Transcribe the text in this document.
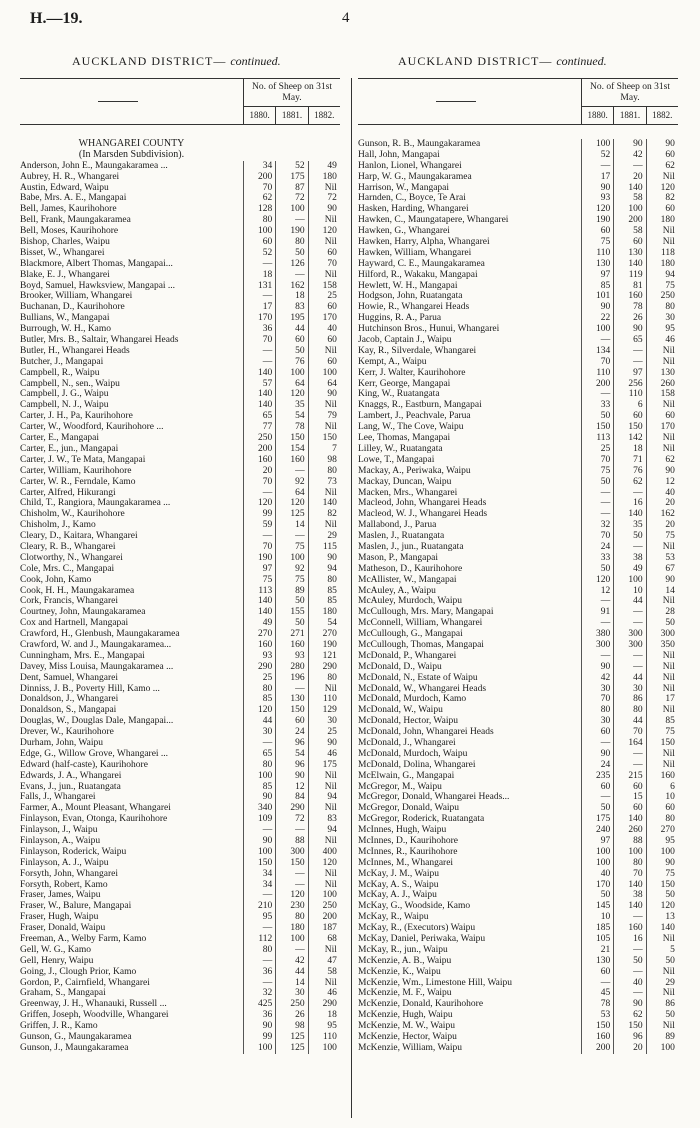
H.—19.	4
AUCKLAND DISTRICT— continued.	AUCKLAND DISTRICT— continued.
No. of Sheep on 31st May.
1880.	1881.	1882.
WHANGAREI COUNTY
(In Marsden Subdivision).
Anderson, John E., Maungakaramea ...	34	52	49
Aubrey, H. R., Whangarei	200	175	180
Austin, Edward, Waipu	70	87	Nil
Babe, Mrs. A. E., Mangapai	62	72	72
Bell, James, Kaurihohore	128	100	90
Bell, Frank, Maungakaramea	80	—	Nil
Bell, Moses, Kaurihohore	100	190	120
Bishop, Charles, Waipu	60	80	Nil
Bisset, W., Whangarei	52	50	60
Blackmore, Albert Thomas, Mangapai...	—	126	70
Blake, E. J., Whangarei	18	—	Nil
Boyd, Samuel, Hawksview, Mangapai ...	131	162	158
Brooker, William, Whangarei	—	18	25
Buchanan, D., Kaurihohore	17	83	60
Bullians, W., Mangapai	170	195	170
Burrough, W. H., Kamo	36	44	40
Butler, Mrs. B., Saltair, Whangarei Heads	70	60	60
Butler, H., Whangarei Heads	—	50	Nil
Butcher, J., Mangapai	—	76	60
Campbell, R., Waipu	140	100	100
Campbell, N., sen., Waipu	57	64	64
Campbell, J. G., Waipu	140	120	90
Campbell, N. J., Waipu	140	35	Nil
Carter, J. H., Pa, Kaurihohore	65	54	79
Carter, W., Woodford, Kaurihohore ...	77	78	Nil
Carter, E., Mangapai	250	150	150
Carter, E., jun., Mangapai	200	154	7
Carter, J. W., Te Mata, Mangapai	160	160	98
Carter, William, Kaurihohore	20	—	80
Carter, W. R., Ferndale, Kamo	70	92	73
Carter, Alfred, Hikurangi	—	64	Nil
Child, T., Rangiora, Maungakaramea ...	120	120	140
Chisholm, W., Kaurihohore	99	125	82
Chisholm, J., Kamo	59	14	Nil
Cleary, D., Kaitara, Whangarei	—	—	29
Cleary, R. B., Whangarei	70	75	115
Clotworthy, N., Whangarei	190	100	90
Cole, Mrs. C., Mangapai	97	92	94
Cook, John, Kamo	75	75	80
Cook, H. H., Maungakaramea	113	89	85
Cork, Francis, Whangarei	140	50	85
Courtney, John, Maungakaramea	140	155	180
Cox and Hartnell, Mangapai	49	50	54
Crawford, H., Glenbush, Maungakaramea	270	271	270
Crawford, W. and J., Maungakaramea...	160	160	190
Cunningham, Mrs. E., Mangapai	93	93	121
Davey, Miss Louisa, Maungakaramea ...	290	280	290
Dent, Samuel, Whangarei	25	196	80
Dinniss, J. B., Poverty Hill, Kamo ...	80	—	Nil
Donaldson, J., Whangarei	85	130	110
Donaldson, S., Mangapai	120	150	129
Douglas, W., Douglas Dale, Mangapai...	44	60	30
Drever, W., Kaurihohore	30	24	25
Durham, John, Waipu	—	96	90
Edge, G., Willow Grove, Whangarei ...	65	54	46
Edward (half-caste), Kaurihohore	80	96	175
Edwards, J. A., Whangarei	100	90	Nil
Evans, J., jun., Ruatangata	85	12	Nil
Falls, J., Whangarei	90	84	94
Farmer, A., Mount Pleasant, Whangarei	340	290	Nil
Finlayson, Evan, Otonga, Kaurihohore	109	72	83
Finlayson, J., Waipu	—	—	94
Finlayson, A., Waipu	90	88	Nil
Finlayson, Roderick, Waipu	100	300	400
Finlayson, A. J., Waipu	150	150	120
Forsyth, John, Whangarei	34	—	Nil
Forsyth, Robert, Kamo	34	—	Nil
Fraser, James, Waipu	—	120	100
Fraser, W., Balure, Mangapai	210	230	250
Fraser, Hugh, Waipu	95	80	200
Fraser, Donald, Waipu	—	180	187
Freeman, A., Welby Farm, Kamo	112	100	68
Gell, W. G., Kamo	80	—	Nil
Gell, Henry, Waipu	—	42	47
Going, J., Clough Prior, Kamo	36	44	58
Gordon, P., Cairnfield, Whangarei	—	14	Nil
Graham, S., Mangapai	32	30	46
Greenway, J. H., Whanauki, Russell ...	425	250	290
Griffen, Joseph, Woodville, Whangarei	36	26	18
Griffen, J. R., Kamo	90	98	95
Gunson, G., Maungakaramea	99	125	110
Gunson, J., Maungakaramea	100	125	100
No. of Sheep on 31st May.
1880.	1881.	1882.
Gunson, R. B., Maungakaramea	100	90	90
Hall, John, Mangapai	52	42	60
Hanlon, Lionel, Whangarei	—	—	62
Harp, W. G., Maungakaramea	17	20	Nil
Harrison, W., Mangapai	90	140	120
Harnden, C., Boyce, Te Arai	93	58	82
Hasken, Harding, Whangarei	120	100	60
Hawken, C., Maungatapere, Whangarei	190	200	180
Hawken, G., Whangarei	60	58	Nil
Hawken, Harry, Alpha, Whangarei	75	60	Nil
Hawken, William, Whangarei	110	130	118
Hayward, C. E., Maungakaramea	130	140	180
Hilford, R., Wakaku, Mangapai	97	119	94
Hewlett, W. H., Mangapai	85	81	75
Hodgson, John, Ruatangata	101	160	250
Howie, R., Whangarei Heads	90	78	80
Huggins, R. A., Parua	22	26	30
Hutchinson Bros., Hunui, Whangarei	100	90	95
Jacob, Captain J., Waipu	—	65	46
Kay, R., Silverdale, Whangarei	134	—	Nil
Kempt, A., Waipu	70	—	Nil
Kerr, J. Walter, Kaurihohore	110	97	130
Kerr, George, Mangapai	200	256	260
King, W., Ruatangata	—	110	158
Knaggs, R., Eastburn, Mangapai	33	6	Nil
Lambert, J., Peachvale, Parua	50	60	60
Lang, W., The Cove, Waipu	150	150	170
Lee, Thomas, Mangapai	113	142	Nil
Lilley, W., Ruatangata	25	18	Nil
Lowe, T., Mangapai	70	71	62
Mackay, A., Periwaka, Waipu	75	76	90
Mackay, Duncan, Waipu	50	62	12
Macken, Mrs., Whangarei	—	—	40
Macleod, John, Whangarei Heads	—	16	20
Macleod, W. J., Whangarei Heads	—	140	162
Mallabond, J., Parua	32	35	20
Maslen, J., Ruatangata	70	50	75
Maslen, J., jun., Ruatangata	24	—	Nil
Mason, P., Mangapai	33	38	53
Matheson, D., Kaurihohore	50	49	67
McAllister, W., Mangapai	120	100	90
McAuley, A., Waipu	12	10	14
McAuley, Murdoch, Waipu	—	44	Nil
McCullough, Mrs. Mary, Mangapai	91	—	28
McConnell, William, Whangarei	—	—	50
McCullough, G., Mangapai	380	300	300
McCullough, Thomas, Mangapai	300	300	350
McDonald, P., Whangarei	—	—	Nil
McDonald, D., Waipu	90	—	Nil
McDonald, N., Estate of Waipu	42	44	Nil
McDonald, W., Whangarei Heads	30	30	Nil
McDonald, Murdoch, Kamo	70	86	17
McDonald, W., Waipu	80	80	Nil
McDonald, Hector, Waipu	30	44	85
McDonald, John, Whangarei Heads	60	70	75
McDonald, J., Whangarei	—	164	150
McDonald, Murdoch, Waipu	90	—	Nil
McDonald, Dolina, Whangarei	24	—	Nil
McElwain, G., Mangapai	235	215	160
McGregor, M., Waipu	60	60	6
McGregor, Donald, Whangarei Heads...	—	15	10
McGregor, Donald, Waipu	50	60	60
McGregor, Roderick, Ruatangata	175	140	80
McInnes, Hugh, Waipu	240	260	270
McInnes, D., Kaurihohore	97	88	95
McInnes, R., Kaurihohore	100	100	100
McInnes, M., Whangarei	100	80	90
McKay, J. M., Waipu	40	70	75
McKay, A. S., Waipu	170	140	150
McKay, A. J., Waipu	50	38	50
McKay, G., Woodside, Kamo	145	140	120
McKay, R., Waipu	10	—	13
McKay, R., (Executors) Waipu	185	160	140
McKay, Daniel, Periwaka, Waipu	105	16	Nil
McKay, R., jun., Waipu	21	—	5
McKenzie, A. B., Waipu	130	50	50
McKenzie, K., Waipu	60	—	Nil
McKenzie, Wm., Limestone Hill, Waipu	—	40	29
McKenzie, M. F., Waipu	45	—	Nil
McKenzie, Donald, Kaurihohore	78	90	86
McKenzie, Hugh, Waipu	53	62	50
McKenzie, M. W., Waipu	150	150	Nil
McKenzie, Hector, Waipu	160	96	89
McKenzie, William, Waipu	200	20	100
